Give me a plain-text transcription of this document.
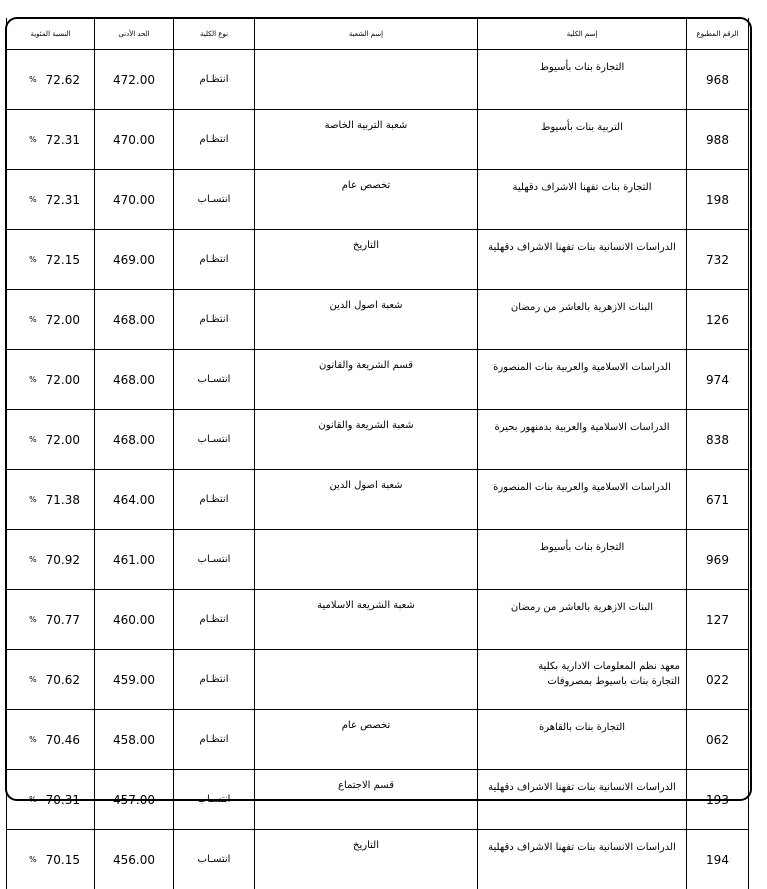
النسبة المئوية	الحد الأدنى	نوع الكلية	إسم الشعبة	إسم الكلية	الرقم المطبوع

% 72.62	472.00	انتظـام		التجارة بنات بأسيوط	968

% 72.31	470.00	انتظـام	شعبة التربية الخاصة	التربية بنات بأسيوط	988

% 72.31	470.00	انتسـاب	تخصص عام	التجارة بنات تفهنا الاشراف دقهلية	198

% 72.15	469.00	انتظـام	التاريخ	الدراسات الانسانية بنات تفهنا الاشراف دقهلية	732

% 72.00	468.00	انتظـام	شعبة اصول الدين	البنات الازهرية بالعاشر من رمضان	126

% 72.00	468.00	انتسـاب	قسم الشريعة والقانون	الدراسات الاسلامية والعربية بنات المنصورة	974

% 72.00	468.00	انتسـاب	شعبة الشريعة والقانون	الدراسات الاسلامية والعربية بدمنهور بحيرة	838

% 71.38	464.00	انتظـام	شعبة اصول الدين	الدراسات الاسلامية والعربية بنات المنصورة	671

% 70.92	461.00	انتسـاب		التجارة بنات بأسيوط	969

% 70.77	460.00	انتظـام	شعبة الشريعة الاسلامية	البنات الازهرية بالعاشر من رمضان	127

% 70.62	459.00	انتظـام		معهد نظم المعلومات الادارية بكلية التجارة بنات باسيوط بمصروفات	022

% 70.46	458.00	انتظـام	تخصص عام	التجارة بنات بالقاهرة	062

% 70.31	457.00	انتسـاب	قسم الاجتماع	الدراسات الانسانية بنات تفهنا الاشراف دقهلية	193

% 70.15	456.00	انتسـاب	التاريخ	الدراسات الانسانية بنات تفهنا الاشراف دقهلية	194
